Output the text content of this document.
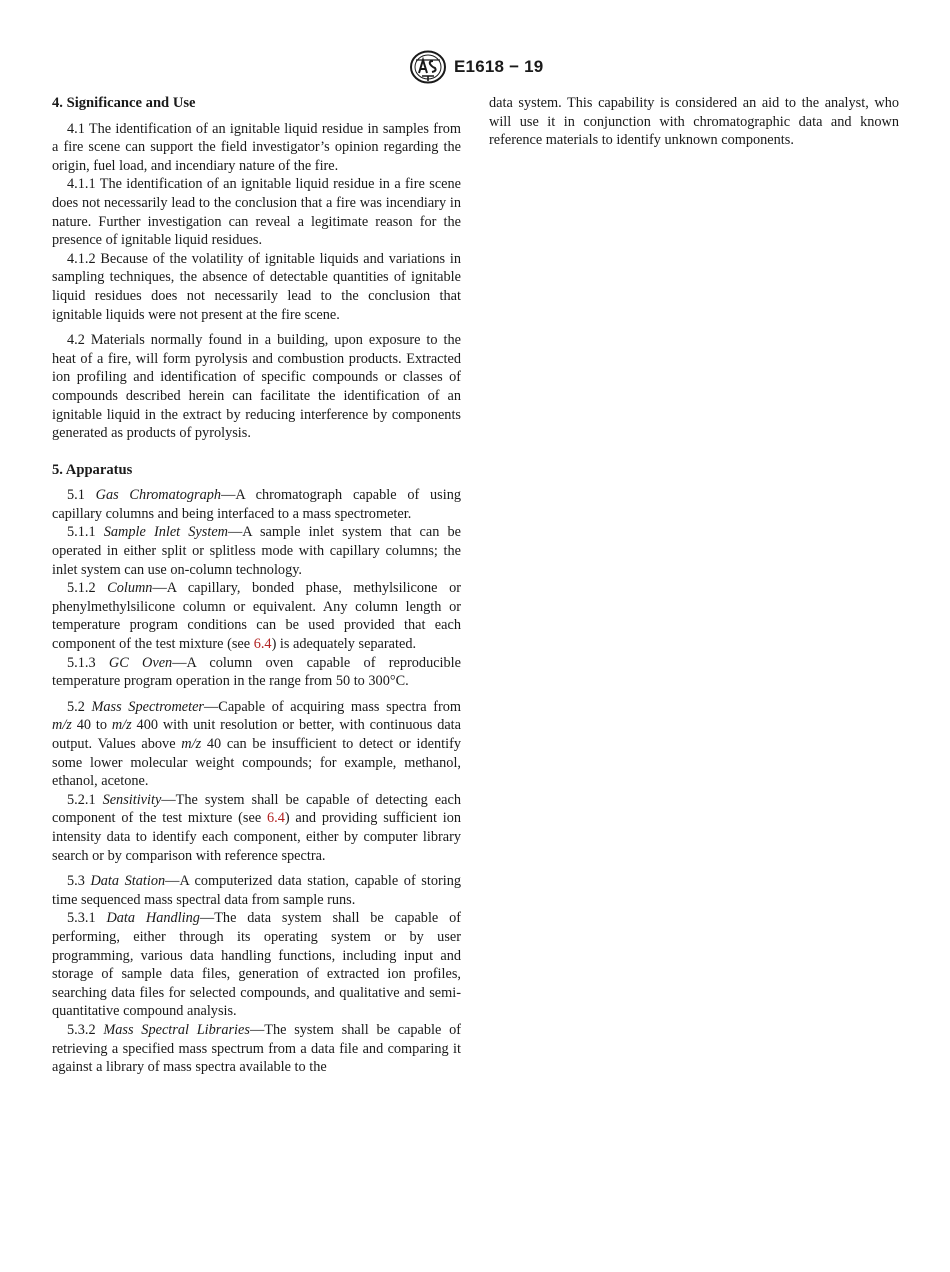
E1618 − 19
4. Significance and Use

4.1 The identification of an ignitable liquid residue in samples from a fire scene can support the field investigator’s opinion regarding the origin, fuel load, and incendiary nature of the fire.

4.1.1 The identification of an ignitable liquid residue in a fire scene does not necessarily lead to the conclusion that a fire was incendiary in nature. Further investigation can reveal a legitimate reason for the presence of ignitable liquid residues.

4.1.2 Because of the volatility of ignitable liquids and variations in sampling techniques, the absence of detectable quantities of ignitable liquid residues does not necessarily lead to the conclusion that ignitable liquids were not present at the fire scene.

4.2 Materials normally found in a building, upon exposure to the heat of a fire, will form pyrolysis and combustion products. Extracted ion profiling and identification of specific compounds or classes of compounds described herein can facilitate the identification of an ignitable liquid in the extract by reducing interference by components generated as products of pyrolysis.

5. Apparatus

5.1 Gas Chromatograph—A chromatograph capable of using capillary columns and being interfaced to a mass spectrometer.

5.1.1 Sample Inlet System—A sample inlet system that can be operated in either split or splitless mode with capillary columns; the inlet system can use on-column technology.

5.1.2 Column—A capillary, bonded phase, methylsilicone or phenylmethylsilicone column or equivalent. Any column length or temperature program conditions can be used provided that each component of the test mixture (see 6.4) is adequately separated.

5.1.3 GC Oven—A column oven capable of reproducible temperature program operation in the range from 50 to 300°C.

5.2 Mass Spectrometer—Capable of acquiring mass spectra from m/z 40 to m/z 400 with unit resolution or better, with continuous data output. Values above m/z 40 can be insufficient to detect or identify some lower molecular weight compounds; for example, methanol, ethanol, acetone.

5.2.1 Sensitivity—The system shall be capable of detecting each component of the test mixture (see 6.4) and providing sufficient ion intensity data to identify each component, either by computer library search or by comparison with reference spectra.

5.3 Data Station—A computerized data station, capable of storing time sequenced mass spectral data from sample runs.

5.3.1 Data Handling—The data system shall be capable of performing, either through its operating system or by user programming, various data handling functions, including input and storage of sample data files, generation of extracted ion profiles, searching data files for selected compounds, and qualitative and semi-quantitative compound analysis.

5.3.2 Mass Spectral Libraries—The system shall be capable of retrieving a specified mass spectrum from a data file and comparing it against a library of mass spectra available to the

data system. This capability is considered an aid to the analyst, who will use it in conjunction with chromatographic data and known reference materials to identify unknown components.
